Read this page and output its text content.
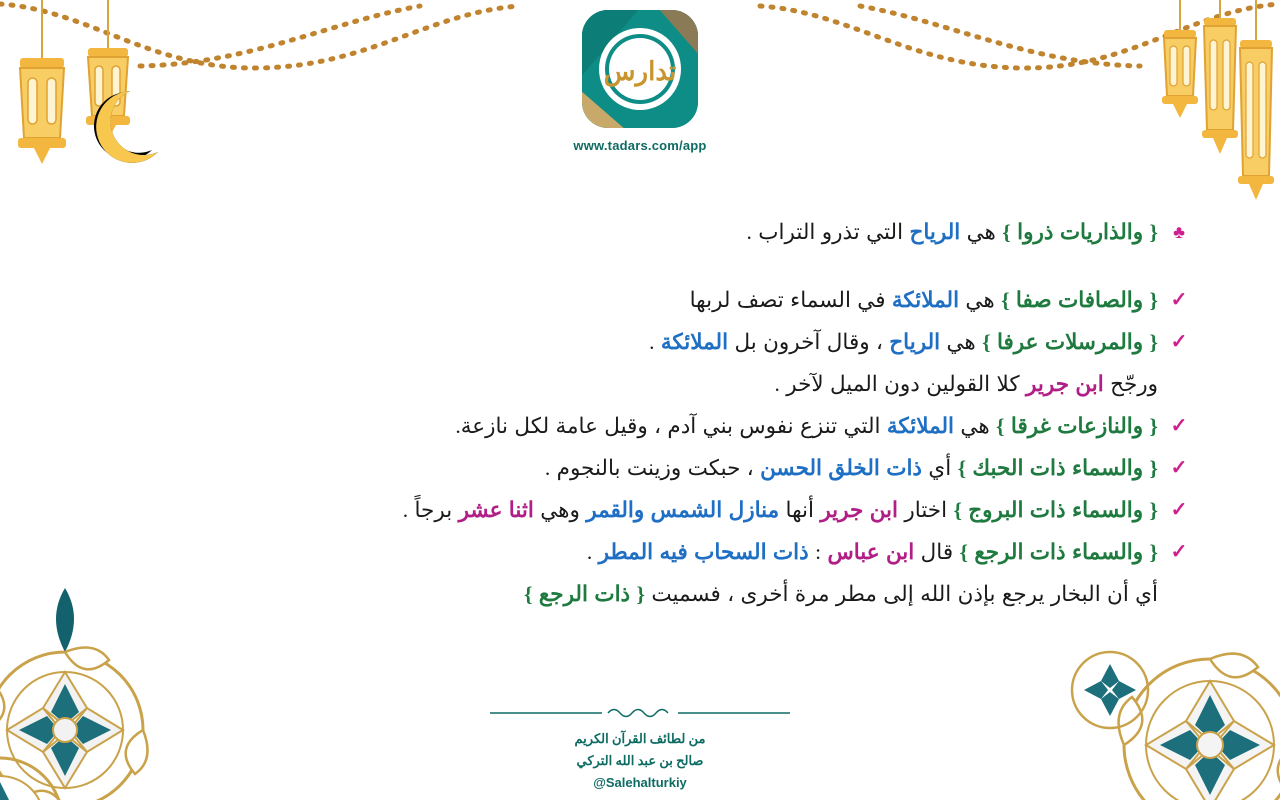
تدارس
www.tadars.com/app
♣
{ والذاريات ذروا } هي الرياح التي تذرو التراب .
✓
{ والصافات صفا } هي الملائكة في السماء تصف لربها
✓
{ والمرسلات عرفا } هي الرياح ، وقال آخرون بل الملائكة .
ورجّح ابن جرير كلا القولين دون الميل لآخر .
✓
{ والنازعات غرقا } هي الملائكة التي تنزع نفوس بني آدم ، وقيل عامة لكل نازعة.
✓
{ والسماء ذات الحبك } أي ذات الخلق الحسن ، حبكت وزينت بالنجوم .
✓
{ والسماء ذات البروج } اختار ابن جرير أنها منازل الشمس والقمر وهي اثنا عشر برجاً .
✓
{ والسماء ذات الرجع } قال ابن عباس : ذات السحاب فيه المطر .
أي أن البخار يرجع بإذن الله إلى مطر مرة أخرى ، فسميت { ذات الرجع }
من لطائف القرآن الكريم
صالح بن عبد الله التركي
@Salehalturkiy
